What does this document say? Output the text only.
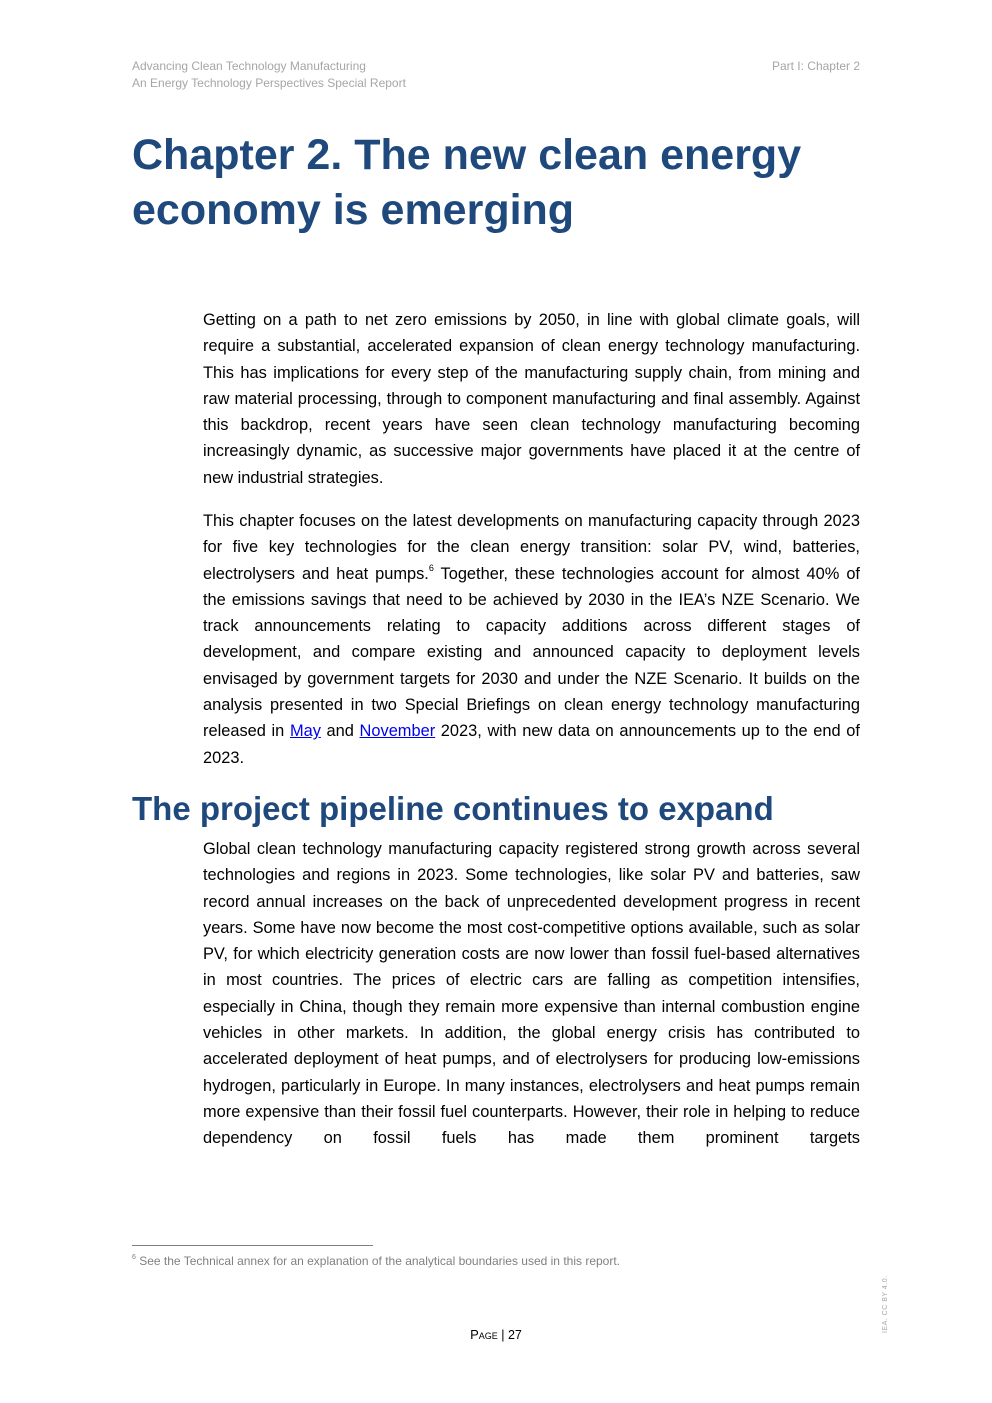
Advancing Clean Technology Manufacturing
An Energy Technology Perspectives Special Report
Part I: Chapter 2
Chapter 2. The new clean energy economy is emerging

Getting on a path to net zero emissions by 2050, in line with global climate goals, will require a substantial, accelerated expansion of clean energy technology manufacturing. This has implications for every step of the manufacturing supply chain, from mining and raw material processing, through to component manufacturing and final assembly. Against this backdrop, recent years have seen clean technology manufacturing becoming increasingly dynamic, as successive major governments have placed it at the centre of new industrial strategies.

This chapter focuses on the latest developments on manufacturing capacity through 2023 for five key technologies for the clean energy transition: solar PV, wind, batteries, electrolysers and heat pumps.$^6$ Together, these technologies account for almost 40% of the emissions savings that need to be achieved by 2030 in the IEA’s NZE Scenario. We track announcements relating to capacity additions across different stages of development, and compare existing and announced capacity to deployment levels envisaged by government targets for 2030 and under the NZE Scenario. It builds on the analysis presented in two Special Briefings on clean energy technology manufacturing released in May and November 2023, with new data on announcements up to the end of 2023.

The project pipeline continues to expand

Global clean technology manufacturing capacity registered strong growth across several technologies and regions in 2023. Some technologies, like solar PV and batteries, saw record annual increases on the back of unprecedented development progress in recent years. Some have now become the most cost-competitive options available, such as solar PV, for which electricity generation costs are now lower than fossil fuel-based alternatives in most countries. The prices of electric cars are falling as competition intensifies, especially in China, though they remain more expensive than internal combustion engine vehicles in other markets. In addition, the global energy crisis has contributed to accelerated deployment of heat pumps, and of electrolysers for producing low-emissions hydrogen, particularly in Europe. In many instances, electrolysers and heat pumps remain more expensive than their fossil fuel counterparts. However, their role in helping to reduce dependency on fossil fuels has made them prominent targets

$^6$ See the Technical annex for an explanation of the analytical boundaries used in this report.
Page | 27
IEA. CC BY 4.0.
